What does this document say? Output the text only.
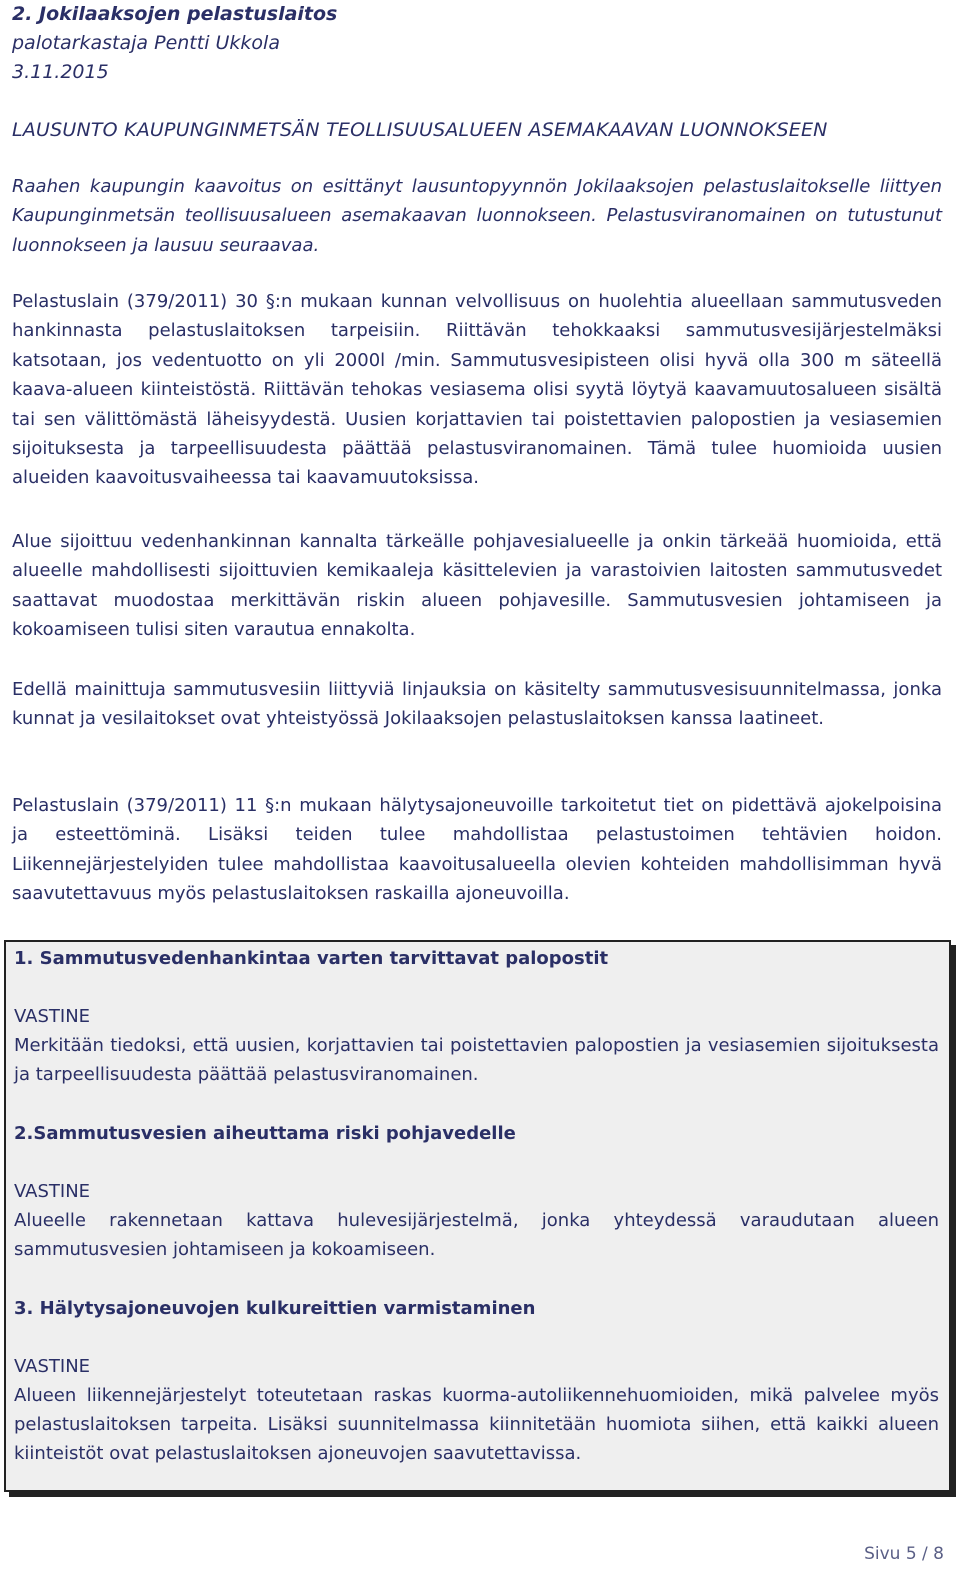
2. Jokilaaksojen pelastuslaitos
palotarkastaja Pentti Ukkola
3.11.2015
LAUSUNTO KAUPUNGINMETSÄN TEOLLISUUSALUEEN ASEMAKAAVAN LUONNOKSEEN

Raahen kaupungin kaavoitus on esittänyt lausuntopyynnön Jokilaaksojen pelastuslaitokselle liittyen Kaupunginmetsän teollisuusalueen asemakaavan luonnokseen. Pelastusviranomainen on tutustunut luonnokseen ja lausuu seuraavaa.

Pelastuslain (379/2011) 30 §:n mukaan kunnan velvollisuus on huolehtia alueellaan sammutusveden hankinnasta pelastuslaitoksen tarpeisiin. Riittävän tehokkaaksi sammutusvesijärjestelmäksi katsotaan, jos vedentuotto on yli 2000l /min. Sammutusvesipisteen olisi hyvä olla 300 m säteellä kaava-alueen kiinteistöstä. Riittävän tehokas vesiasema olisi syytä löytyä kaavamuutosalueen sisältä tai sen välittömästä läheisyydestä. Uusien korjattavien tai poistettavien palopostien ja vesiasemien sijoituksesta ja tarpeellisuudesta päättää pelastusviranomainen. Tämä tulee huomioida uusien alueiden kaavoitusvaiheessa tai kaavamuutoksissa.

Alue sijoittuu vedenhankinnan kannalta tärkeälle pohjavesialueelle ja onkin tärkeää huomioida, että alueelle mahdollisesti sijoittuvien kemikaaleja käsittelevien ja varastoivien laitosten sammutusvedet saattavat muodostaa merkittävän riskin alueen pohjavesille. Sammutusvesien johtamiseen ja kokoamiseen tulisi siten varautua ennakolta.

Edellä mainittuja sammutusvesiin liittyviä linjauksia on käsitelty sammutusvesisuunnitelmassa, jonka kunnat ja vesilaitokset ovat yhteistyössä Jokilaaksojen pelastuslaitoksen kanssa laatineet.

Pelastuslain (379/2011) 11 §:n mukaan hälytysajoneuvoille tarkoitetut tiet on pidettävä ajokelpoisina ja esteettöminä. Lisäksi teiden tulee mahdollistaa pelastustoimen tehtävien hoidon. Liikennejärjestelyiden tulee mahdollistaa kaavoitusalueella olevien kohteiden mahdollisimman hyvä saavutettavuus myös pelastuslaitoksen raskailla ajoneuvoilla.

1. Sammutusvedenhankintaa varten tarvittavat palopostit

VASTINE

Merkitään tiedoksi, että uusien, korjattavien tai poistettavien palopostien ja vesiasemien sijoituksesta ja tarpeellisuudesta päättää pelastusviranomainen.

2.Sammutusvesien aiheuttama riski pohjavedelle

VASTINE

Alueelle rakennetaan kattava hulevesijärjestelmä, jonka yhteydessä varaudutaan alueen sammutusvesien johtamiseen ja kokoamiseen.

3. Hälytysajoneuvojen kulkureittien varmistaminen

VASTINE

Alueen liikennejärjestelyt toteutetaan raskas kuorma-autoliikennehuomioiden, mikä palvelee myös pelastuslaitoksen tarpeita. Lisäksi suunnitelmassa kiinnitetään huomiota siihen, että kaikki alueen kiinteistöt ovat pelastuslaitoksen ajoneuvojen saavutettavissa.

Sivu 5 / 8
